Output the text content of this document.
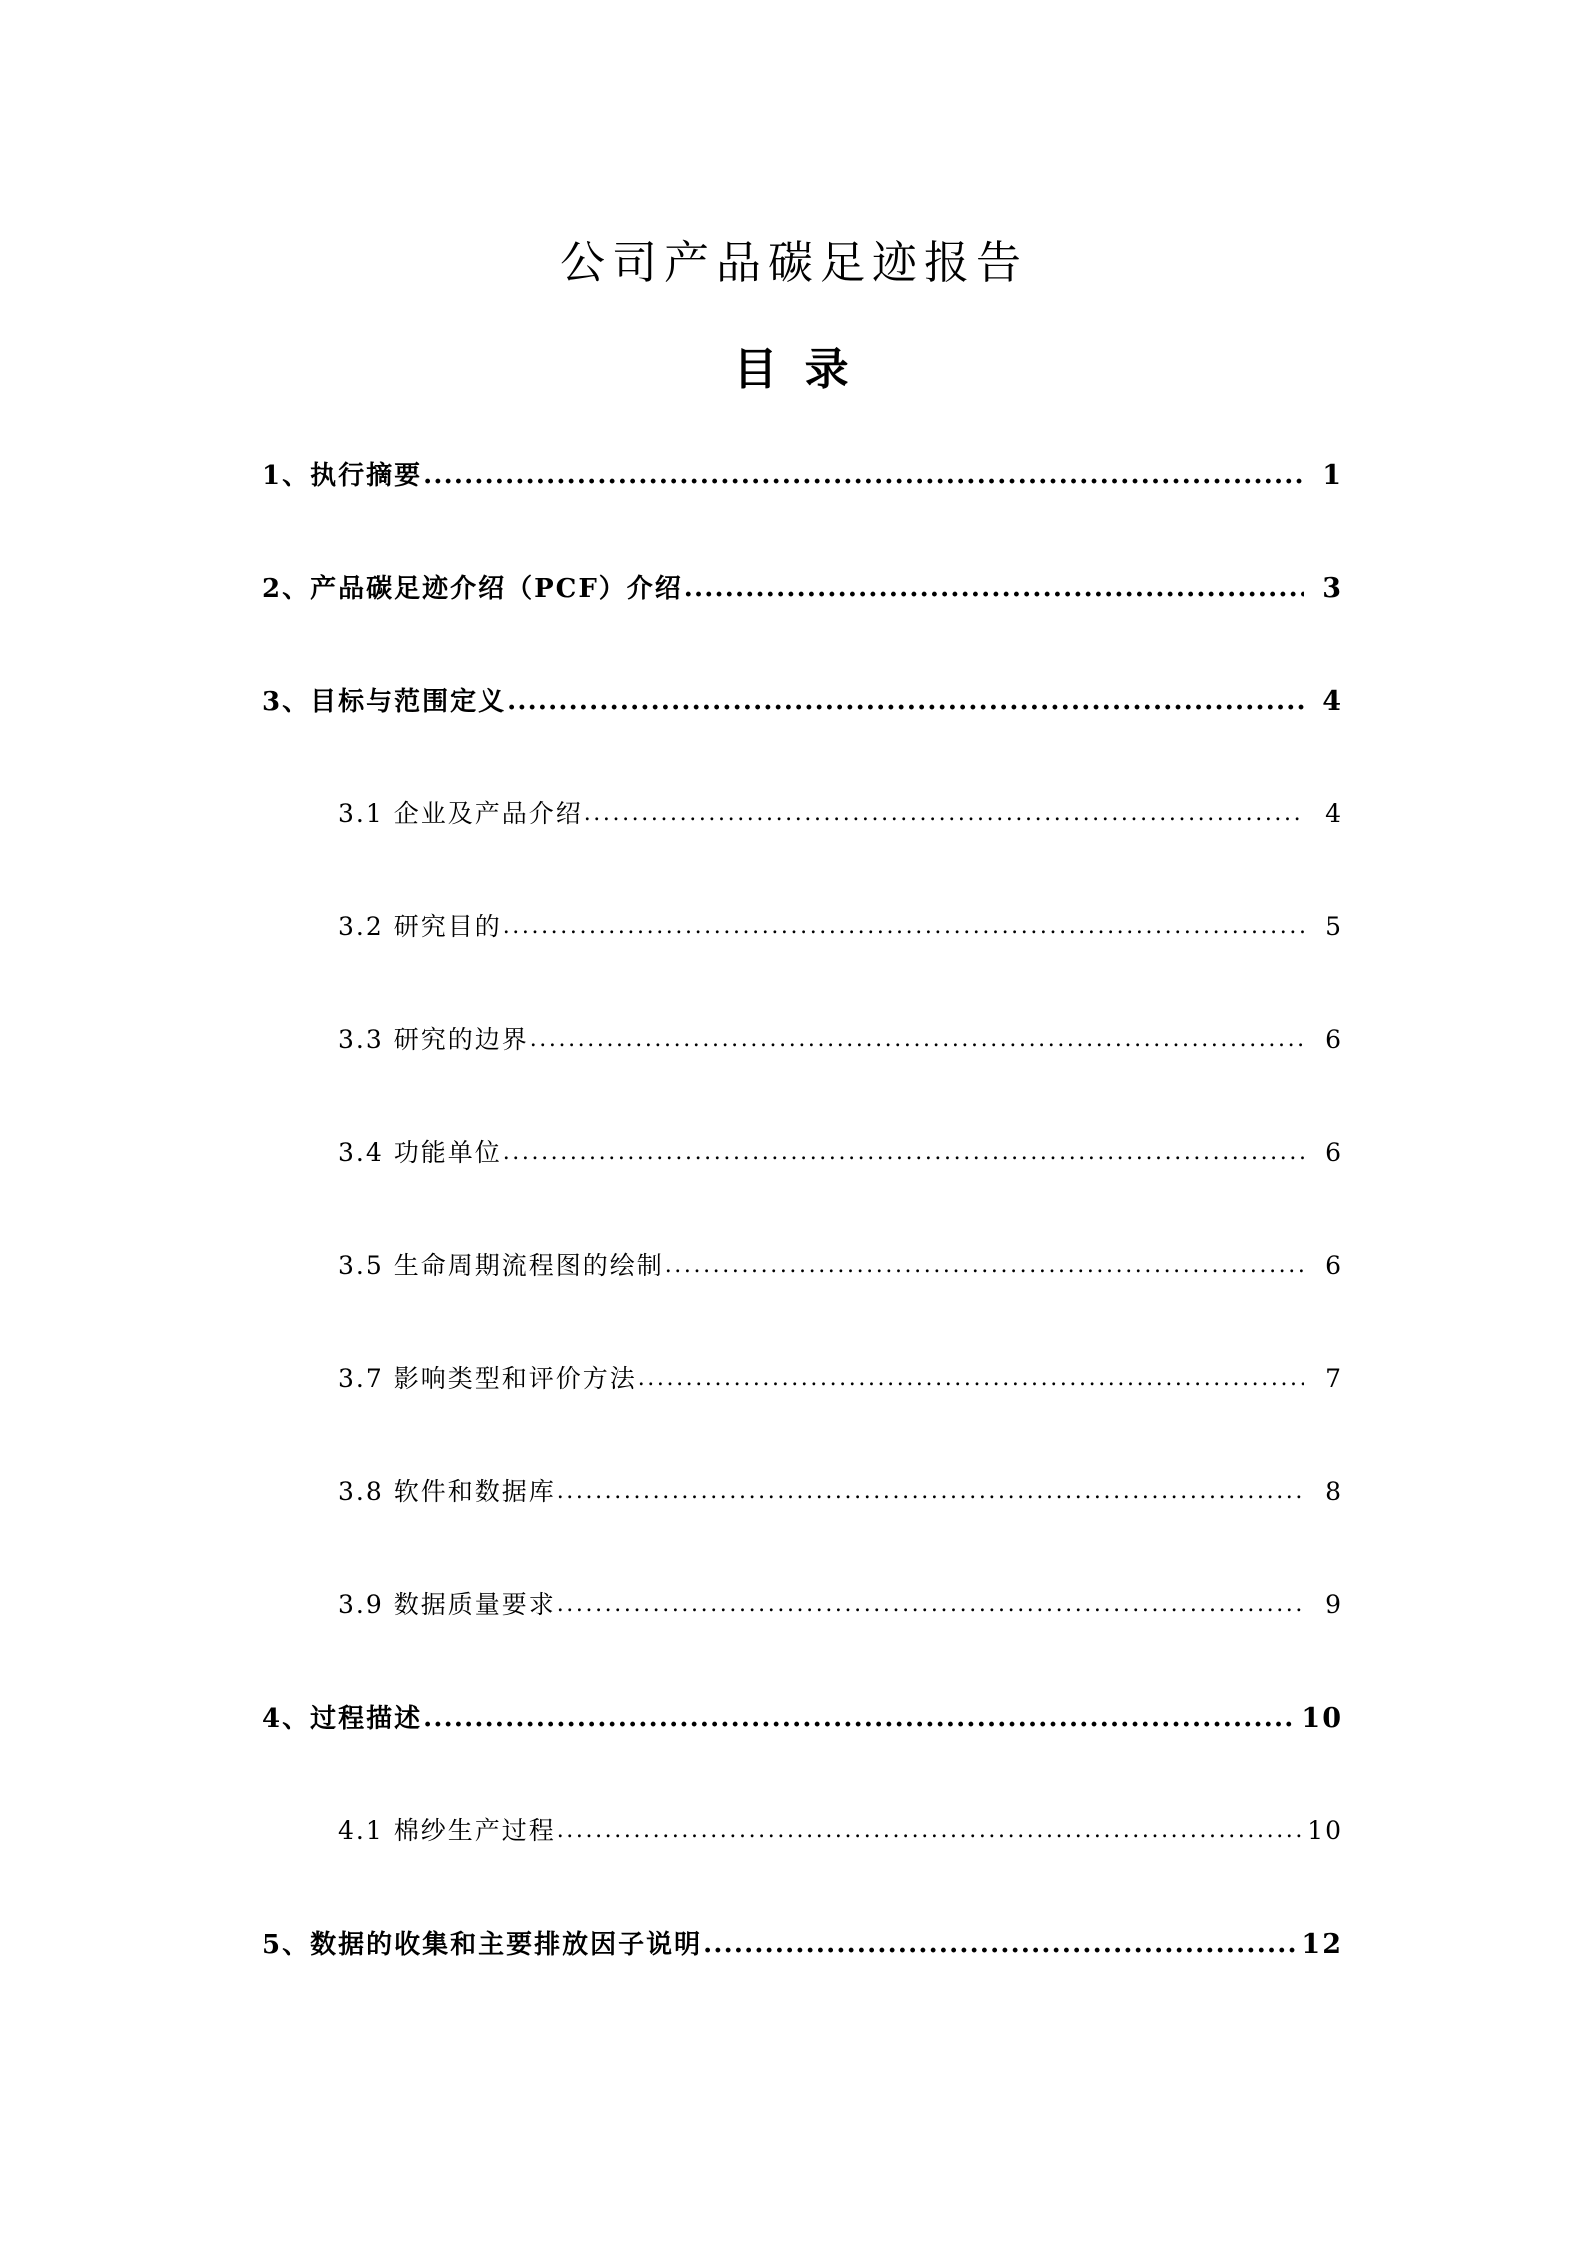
公司产品碳足迹报告
目 录
1、执行摘要 .....	1
2、产品碳足迹介绍（PCF）介绍 .....	3
3、目标与范围定义 .....	4
3.1 企业及产品介绍 .....	4
3.2 研究目的 .....	5
3.3 研究的边界 .....	6
3.4 功能单位 .....	6
3.5 生命周期流程图的绘制 .....	6
3.7 影响类型和评价方法 .....	7
3.8 软件和数据库 .....	8
3.9 数据质量要求 .....	9
4、过程描述 .....	10
4.1 棉纱生产过程 .....	10
5、数据的收集和主要排放因子说明 .....	12
